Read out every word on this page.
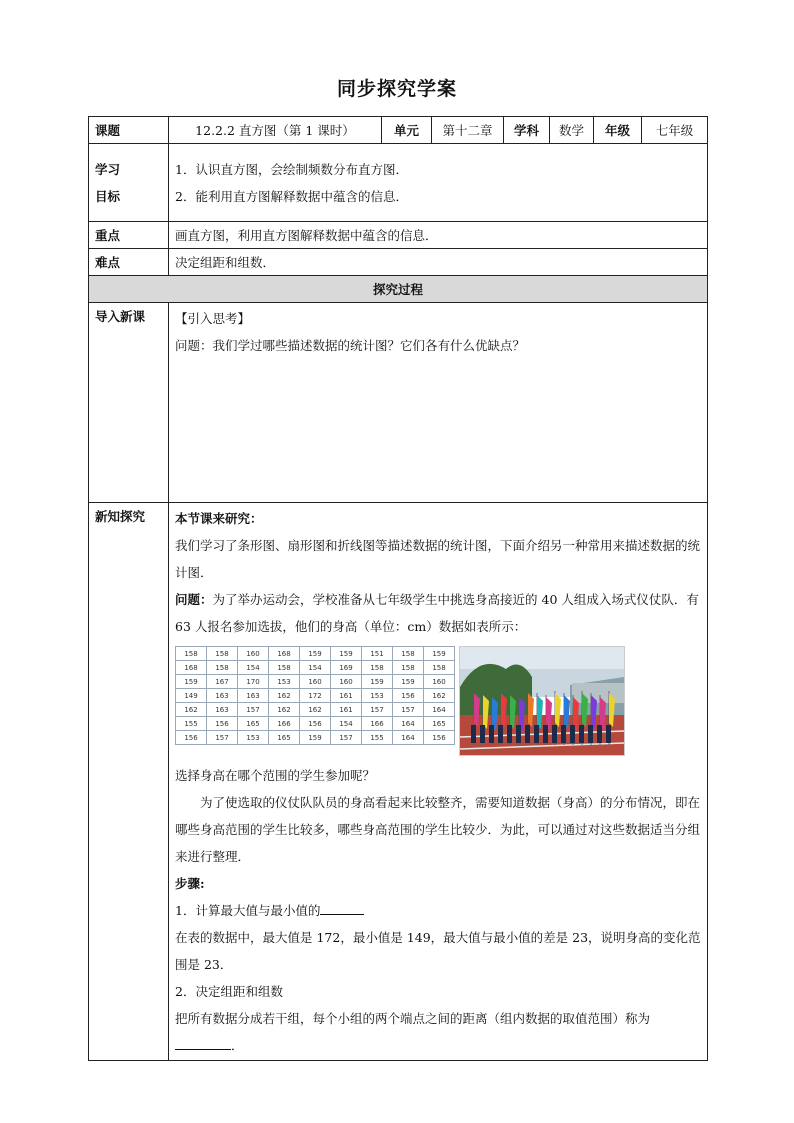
同步探究学案
课题	12.2.2 直方图（第 1 课时）	单元	第十二章	学科	数学	年级	七年级

学习
目标

1．认识直方图，会绘制频数分布直方图．
2．能利用直方图解释数据中蕴含的信息．

重点	画直方图，利用直方图解释数据中蕴含的信息．
难点	决定组距和组数．
探究过程
导入新课	【引入思考】
问题：我们学过哪些描述数据的统计图？它们各有什么优缺点？

新知探究	本节课来研究：
我们学习了条形图、扇形图和折线图等描述数据的统计图，下面介绍另一种常用来描述数据的统计图．
问题：为了举办运动会，学校准备从七年级学生中挑选身高接近的 40 人组成入场式仪仗队．有 63 人报名参加选拔，他们的身高（单位：cm）数据如表所示：
158	158	160	168	159	159	151	158	159
168	158	154	158	154	169	158	158	158
159	167	170	153	160	160	159	159	160
149	163	163	162	172	161	153	156	162
162	163	157	162	162	161	157	157	164
155	156	165	166	156	154	166	164	165
156	157	153	165	159	157	155	164	156
选择身高在哪个范围的学生参加呢？
为了使选取的仪仗队队员的身高看起来比较整齐，需要知道数据（身高）的分布情况，即在哪些身高范围的学生比较多，哪些身高范围的学生比较少．为此，可以通过对这些数据适当分组来进行整理．
步骤:
1．计算最大值与最小值的
在表的数据中，最大值是 172，最小值是 149，最大值与最小值的差是 23，说明身高的变化范围是 23．
2．决定组距和组数
把所有数据分成若干组，每个小组的两个端点之间的距离（组内数据的取值范围）称为．
